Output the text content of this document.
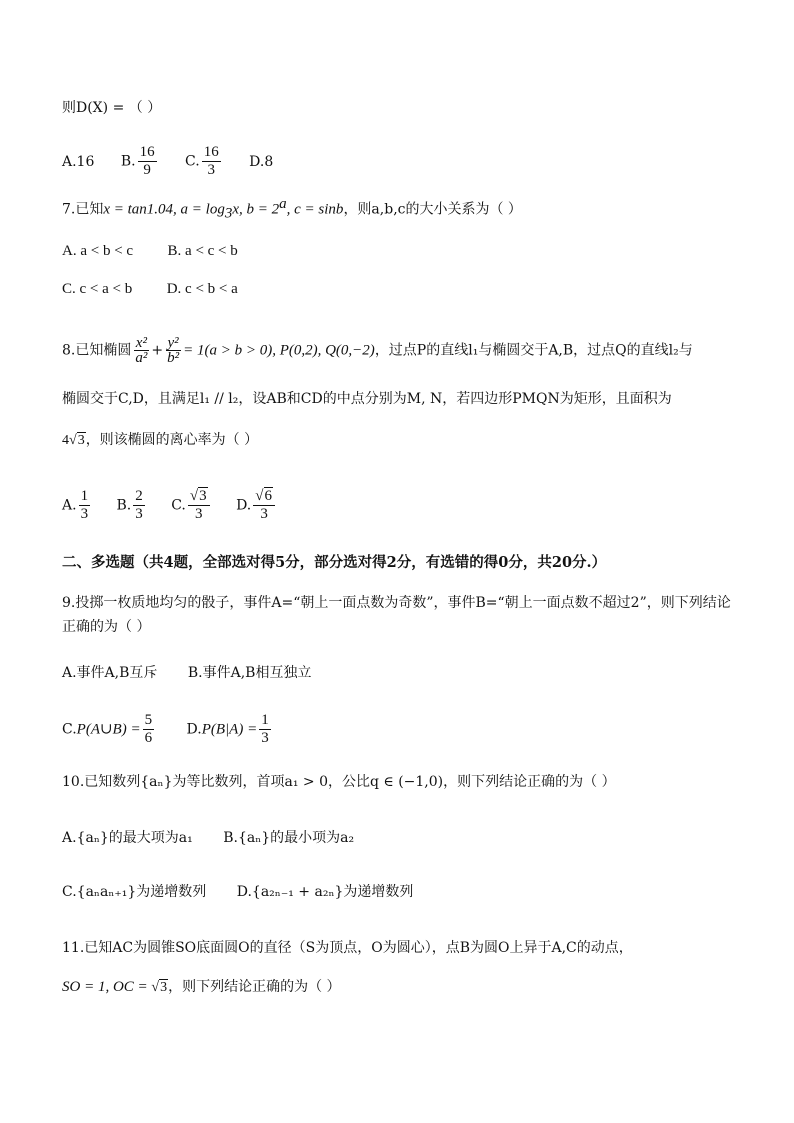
则D(X) = （ ）
A.16 B. $\frac{16}{9} C$. $\frac{16}{3} D.8$
7.已知x = tan1.04, $a = \log_3x$, $b = 2^a$, c = sinb，则a,b,c的大小关系为（ ）
A. a < b < c B. a < c < b
C. c < a < b D. c < b < a
8.已知椭圆 $\frac{\text{x²}}{\text{a²}} + \frac{\text{y²}}{\text{b²}} = 1(a > b > 0)$, P(0,2), Q(0,−2)，过点P的直线l₁与椭圆交于A,B，过点Q的直线l₂与
椭圆交于C,D，且满足l₁ // l₂，设AB和CD的中点分别为M, N，若四边形PMQN为矩形，且面积为
4√3，则该椭圆的离心率为（ ）
A. $\frac{1}{3} B$. $\frac{2}{3} C$. $\frac{√3}{3} D$. $\frac{√6}{3}$
二、多选题（共4题，全部选对得5分，部分选对得2分，有选错的得0分，共20分.）
9.投掷一枚质地均匀的骰子，事件A=“朝上一面点数为奇数”，事件B=“朝上一面点数不超过2”，则下列结论
正确的为（ ）
A.事件A,B互斥 B.事件A,B相互独立
C.P(A∪B) = $\frac{5}{6} D.P(B|A) = \frac{1}{3}$
10.已知数列{aₙ}为等比数列，首项a₁ > 0，公比q ∈ (−1,0)，则下列结论正确的为（ ）
A.{aₙ}的最大项为a₁ B.{aₙ}的最小项为a₂
C.{aₙaₙ₊₁}为递增数列 D.{a₂ₙ₋₁ + a₂ₙ}为递增数列
11.已知AC为圆锥SO底面圆O的直径（S为顶点，O为圆心），点B为圆O上异于A,C的动点，
SO = 1, OC = √3，则下列结论正确的为（ ）
